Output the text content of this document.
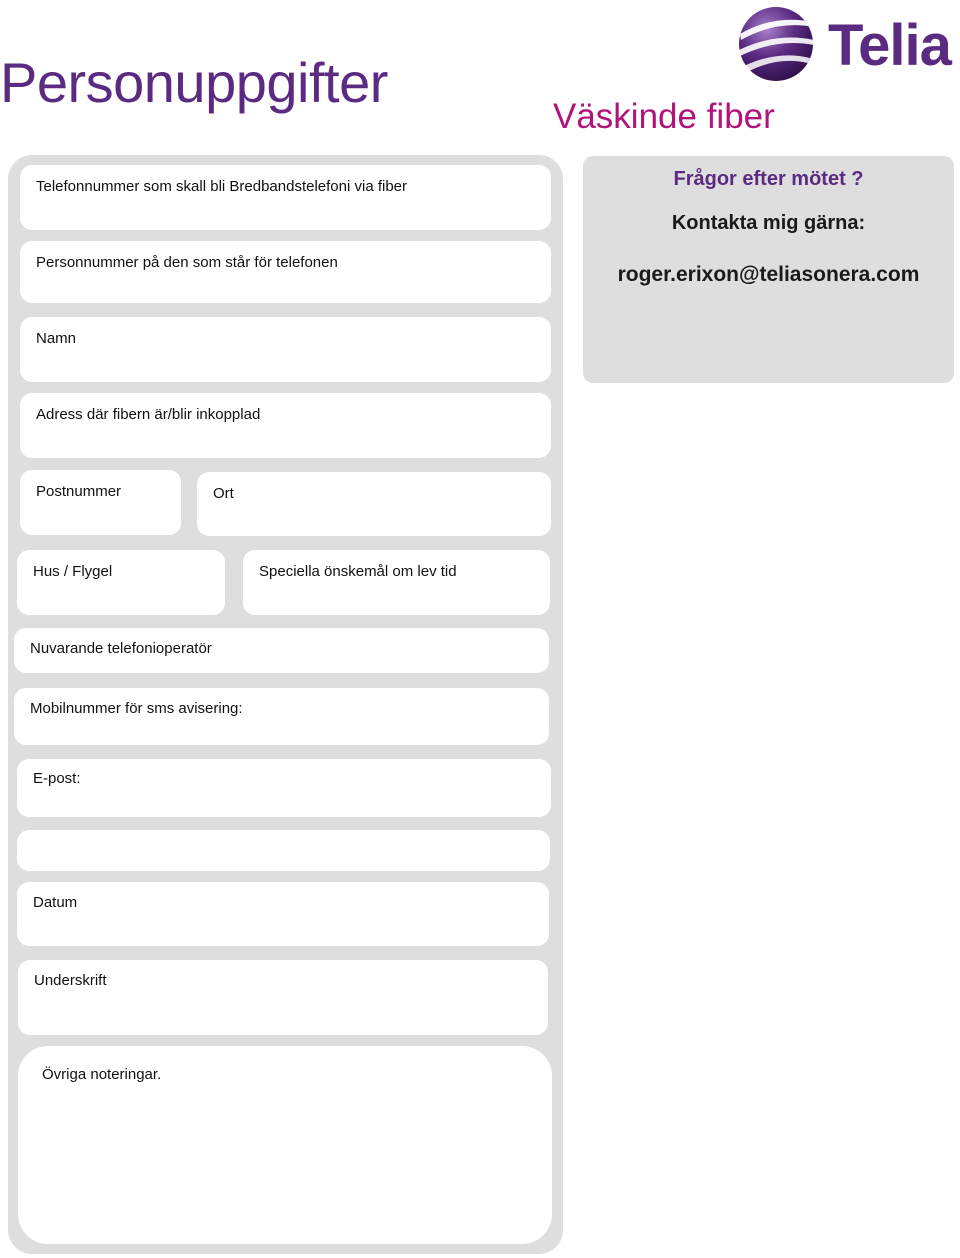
Personuppgifter
Väskinde fiber
Telia
Telefonnummer som skall bli Bredbandstelefoni via fiber
Personnummer på den som står för telefonen
Namn
Adress där fibern är/blir inkopplad
Postnummer	Ort
Hus / Flygel	Speciella önskemål om lev tid
Nuvarande telefonioperatör
Mobilnummer för sms avisering:
E-post:
Datum
Underskrift
Övriga noteringar.
Frågor efter mötet ?
Kontakta mig gärna:
roger.erixon@teliasonera.com
